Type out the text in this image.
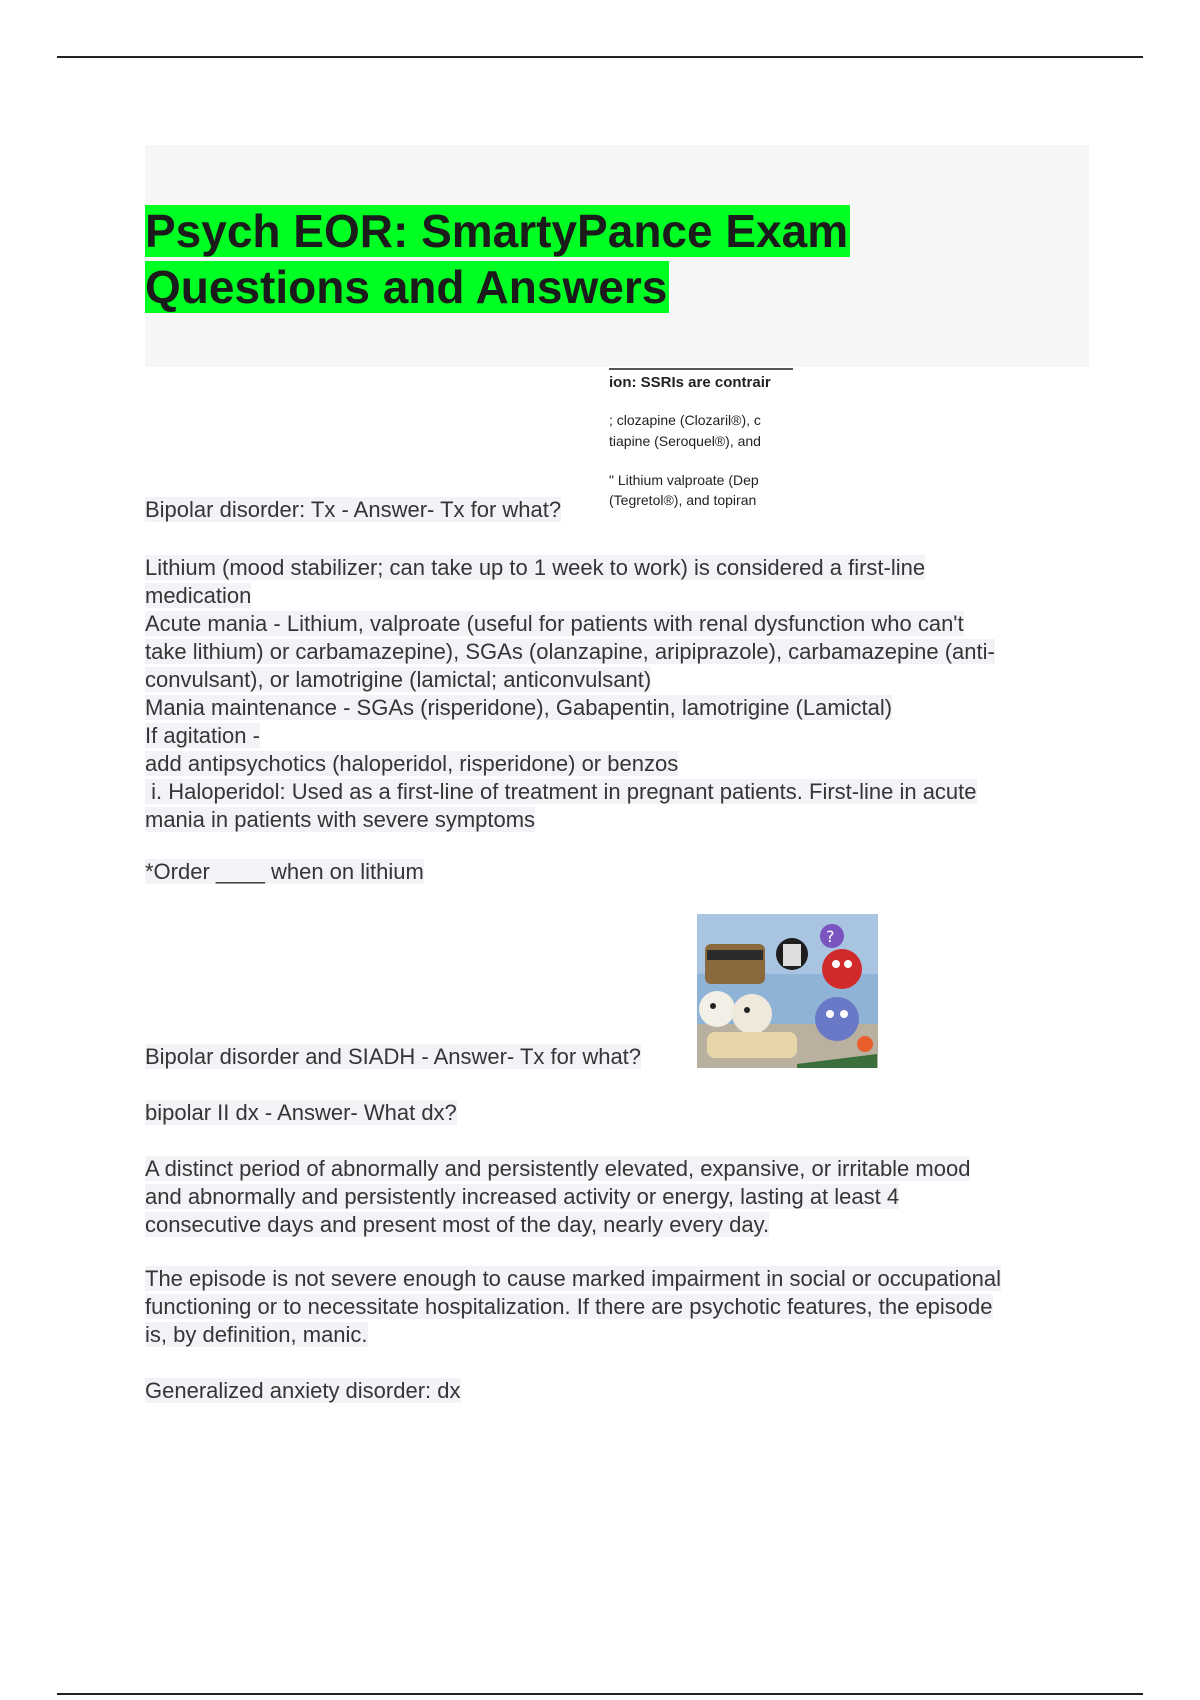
Psych EOR: SmartyPance Exam
Questions and Answers
ion: SSRIs are contrair
; clozapine (Clozaril®), c
tiapine (Seroquel®), and
" Lithium valproate (Dep
(Tegretol®), and topiran

Bipolar disorder: Tx - Answer- Tx for what?

Lithium (mood stabilizer; can take up to 1 week to work) is considered a first-line
medication
Acute mania - Lithium, valproate (useful for patients with renal dysfunction who can't
take lithium) or carbamazepine), SGAs (olanzapine, aripiprazole), carbamazepine (anti-
convulsant), or lamotrigine (lamictal; anticonvulsant)
Mania maintenance - SGAs (risperidone), Gabapentin, lamotrigine (Lamictal)
If agitation -
add antipsychotics (haloperidol, risperidone) or benzos
i. Haloperidol: Used as a first-line of treatment in pregnant patients. First-line in acute
mania in patients with severe symptoms

*Order ____ when on lithium

?

Bipolar disorder and SIADH - Answer- Tx for what?

bipolar II dx - Answer- What dx?

A distinct period of abnormally and persistently elevated, expansive, or irritable mood
and abnormally and persistently increased activity or energy, lasting at least 4
consecutive days and present most of the day, nearly every day.

The episode is not severe enough to cause marked impairment in social or occupational
functioning or to necessitate hospitalization. If there are psychotic features, the episode
is, by definition, manic.

Generalized anxiety disorder: dx
